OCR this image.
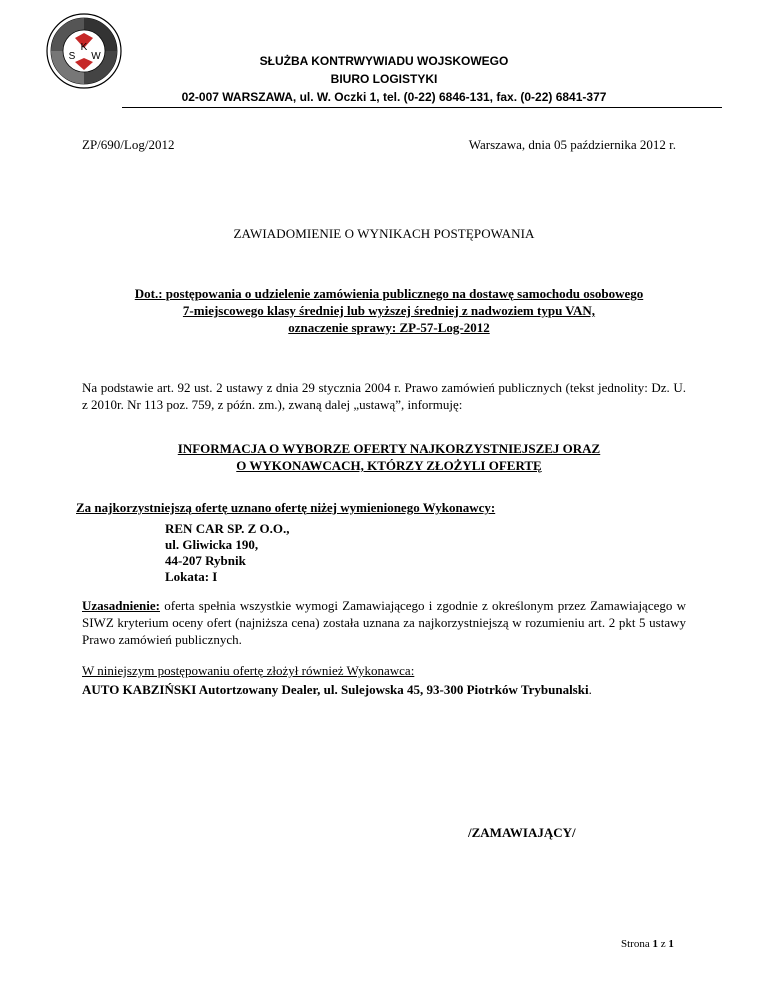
K
S W	SŁUŻBA KONTRWYWIADU WOJSKOWEGO
BIURO LOGISTYKI
02-007 WARSZAWA, ul. W. Oczki 1, tel. (0-22) 6846-131, fax. (0-22) 6841-377
ZP/690/Log/2012	Warszawa, dnia 05 października 2012 r.
ZAWIADOMIENIE O WYNIKACH POSTĘPOWANIA
Dot.: postępowania o udzielenie zamówienia publicznego na dostawę samochodu osobowego
7-miejscowego klasy średniej lub wyższej średniej z nadwoziem typu VAN,
oznaczenie sprawy: ZP-57-Log-2012
Na podstawie art. 92 ust. 2 ustawy z dnia 29 stycznia 2004 r. Prawo zamówień publicznych (tekst jednolity: Dz. U. z 2010r. Nr 113 poz. 759, z późn. zm.), zwaną dalej „ustawą”, informuję:
INFORMACJA O WYBORZE OFERTY NAJKORZYSTNIEJSZEJ ORAZ
O WYKONAWCACH, KTÓRZY ZŁOŻYLI OFERTĘ
Za najkorzystniejszą ofertę uznano ofertę niżej wymienionego Wykonawcy:
REN CAR SP. Z O.O.,
ul. Gliwicka 190,
44-207 Rybnik
Lokata: I
Uzasadnienie: oferta spełnia wszystkie wymogi Zamawiającego i zgodnie z określonym przez Zamawiającego w SIWZ kryterium oceny ofert (najniższa cena) została uznana za najkorzystniejszą w rozumieniu art. 2 pkt 5 ustawy Prawo zamówień publicznych.
W niniejszym postępowaniu ofertę złożył również Wykonawca:
AUTO KABZIŃSKI Autortzowany Dealer, ul. Sulejowska 45, 93-300 Piotrków Trybunalski.
/ZAMAWIAJĄCY/
Strona 1 z 1
